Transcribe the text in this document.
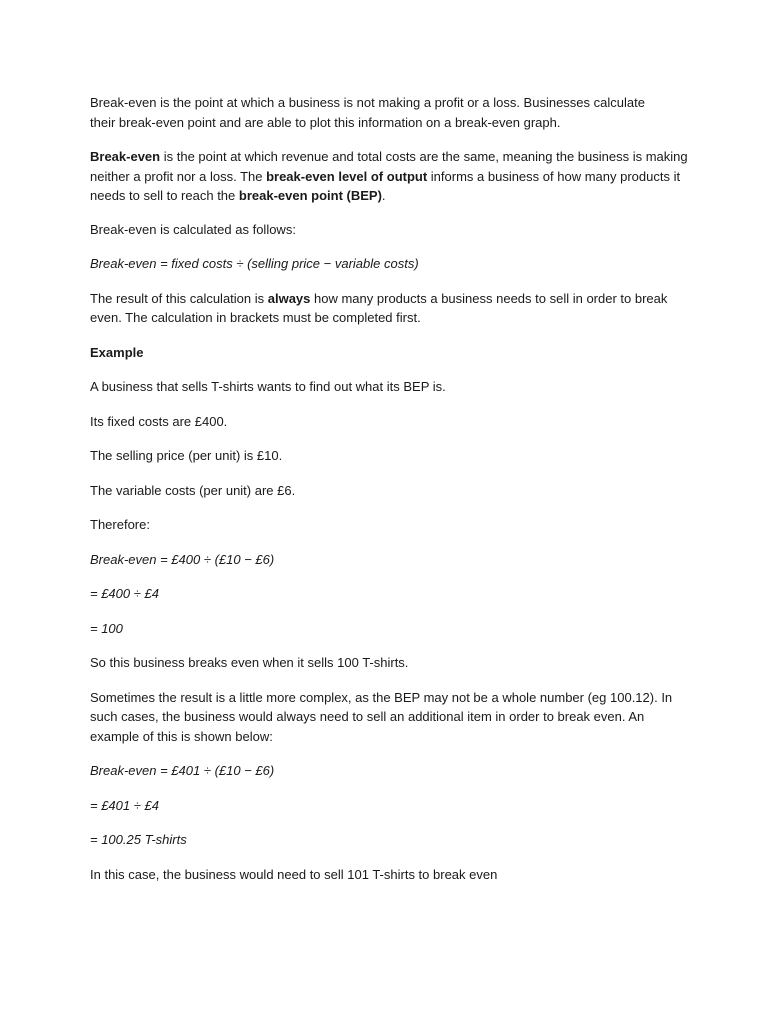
Break-even is the point at which a business is not making a profit or a loss. Businesses calculate
their break-even point and are able to plot this information on a break-even graph.

Break-even is the point at which revenue and total costs are the same, meaning the business is making neither a profit nor a loss. The break-even level of output informs a business of how many products it needs to sell to reach the break-even point (BEP).

Break-even is calculated as follows:

Break-even = fixed costs ÷ (selling price − variable costs)

The result of this calculation is always how many products a business needs to sell in order to break even. The calculation in brackets must be completed first.

Example

A business that sells T-shirts wants to find out what its BEP is.

Its fixed costs are £400.

The selling price (per unit) is £10.

The variable costs (per unit) are £6.

Therefore:

Break-even = £400 ÷ (£10 − £6)

= £400 ÷ £4

= 100

So this business breaks even when it sells 100 T-shirts.

Sometimes the result is a little more complex, as the BEP may not be a whole number (eg 100.12). In such cases, the business would always need to sell an additional item in order to break even. An example of this is shown below:

Break-even = £401 ÷ (£10 − £6)

= £401 ÷ £4

= 100.25 T-shirts

In this case, the business would need to sell 101 T-shirts to break even
